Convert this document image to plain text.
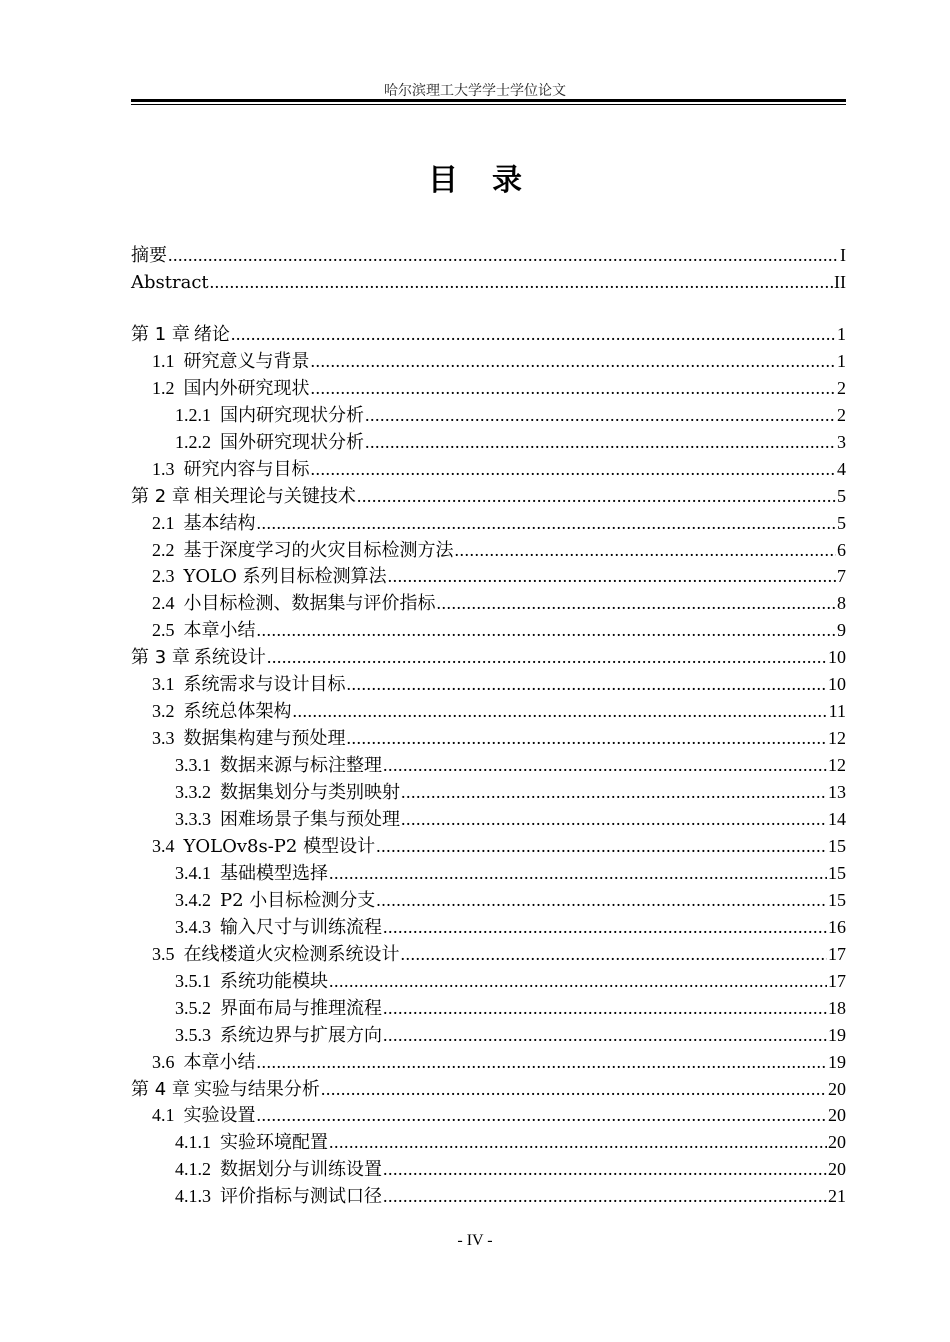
哈尔滨理工大学学士学位论文
目录
摘要 .....	I
Abstract .....	II
第 1 章 绪论 .....	1
1.1 研究意义与背景 .....	1
1.2 国内外研究现状 .....	2
1.2.1 国内研究现状分析 .....	2
1.2.2 国外研究现状分析 .....	3
1.3 研究内容与目标 .....	4
第 2 章 相关理论与关键技术 .....	5
2.1 基本结构 .....	5
2.2 基于深度学习的火灾目标检测方法 .....	6
2.3 YOLO 系列目标检测算法 .....	7
2.4 小目标检测、数据集与评价指标 .....	8
2.5 本章小结 .....	9
第 3 章 系统设计 .....	10
3.1 系统需求与设计目标 .....	10
3.2 系统总体架构 .....	11
3.3 数据集构建与预处理 .....	12
3.3.1 数据来源与标注整理 .....	12
3.3.2 数据集划分与类别映射 .....	13
3.3.3 困难场景子集与预处理 .....	14
3.4 YOLOv8s-P2 模型设计 .....	15
3.4.1 基础模型选择 .....	15
3.4.2 P2 小目标检测分支 .....	15
3.4.3 输入尺寸与训练流程 .....	16
3.5 在线楼道火灾检测系统设计 .....	17
3.5.1 系统功能模块 .....	17
3.5.2 界面布局与推理流程 .....	18
3.5.3 系统边界与扩展方向 .....	19
3.6 本章小结 .....	19
第 4 章 实验与结果分析 .....	20
4.1 实验设置 .....	20
4.1.1 实验环境配置 .....	20
4.1.2 数据划分与训练设置 .....	20
4.1.3 评价指标与测试口径 .....	21
- IV -
